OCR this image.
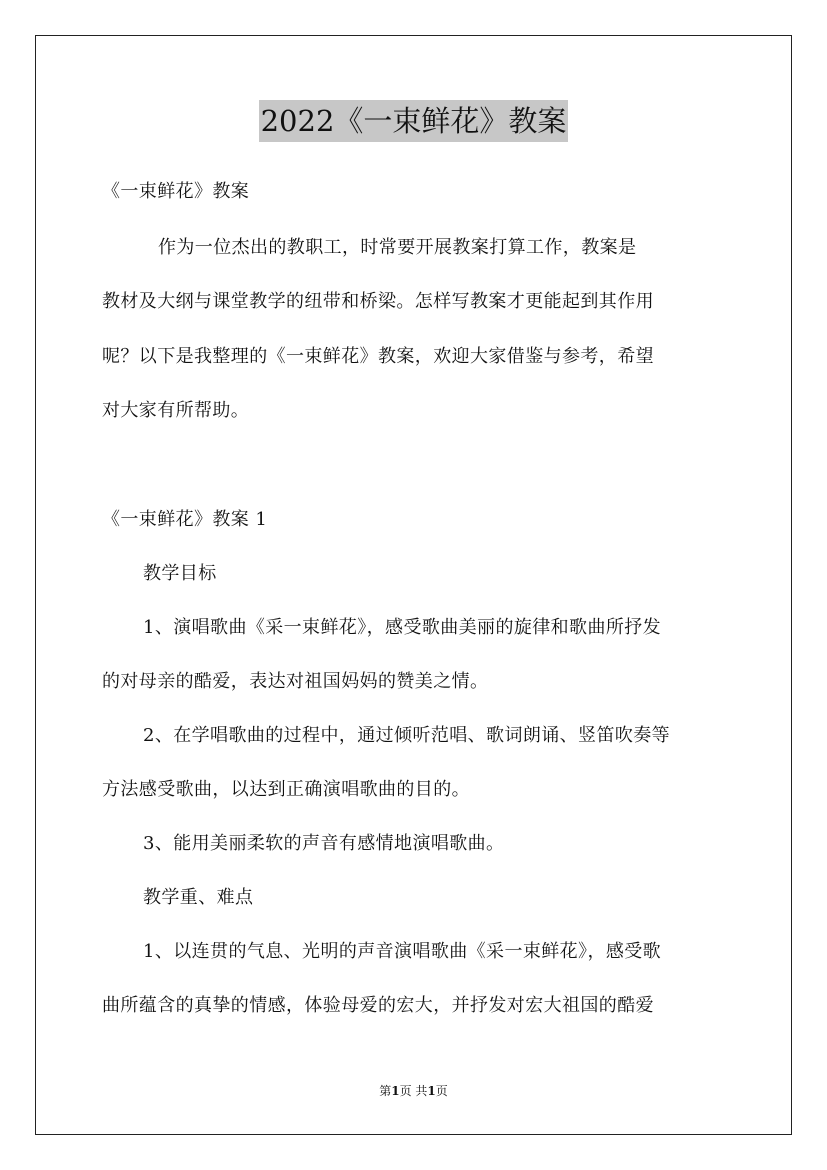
2022《一束鲜花》教案
《一束鲜花》教案
作为一位杰出的教职工，时常要开展教案打算工作，教案是
教材及大纲与课堂教学的纽带和桥梁。怎样写教案才更能起到其作用
呢？以下是我整理的《一束鲜花》教案，欢迎大家借鉴与参考，希望
对大家有所帮助。
《一束鲜花》教案 1
教学目标
1、演唱歌曲《采一束鲜花》，感受歌曲美丽的旋律和歌曲所抒发
的对母亲的酷爱，表达对祖国妈妈的赞美之情。
2、在学唱歌曲的过程中，通过倾听范唱、歌词朗诵、竖笛吹奏等
方法感受歌曲，以达到正确演唱歌曲的目的。
3、能用美丽柔软的声音有感情地演唱歌曲。
教学重、难点
1、以连贯的气息、光明的声音演唱歌曲《采一束鲜花》，感受歌
曲所蕴含的真挚的情感，体验母爱的宏大，并抒发对宏大祖国的酷爱
第1页 共1页
